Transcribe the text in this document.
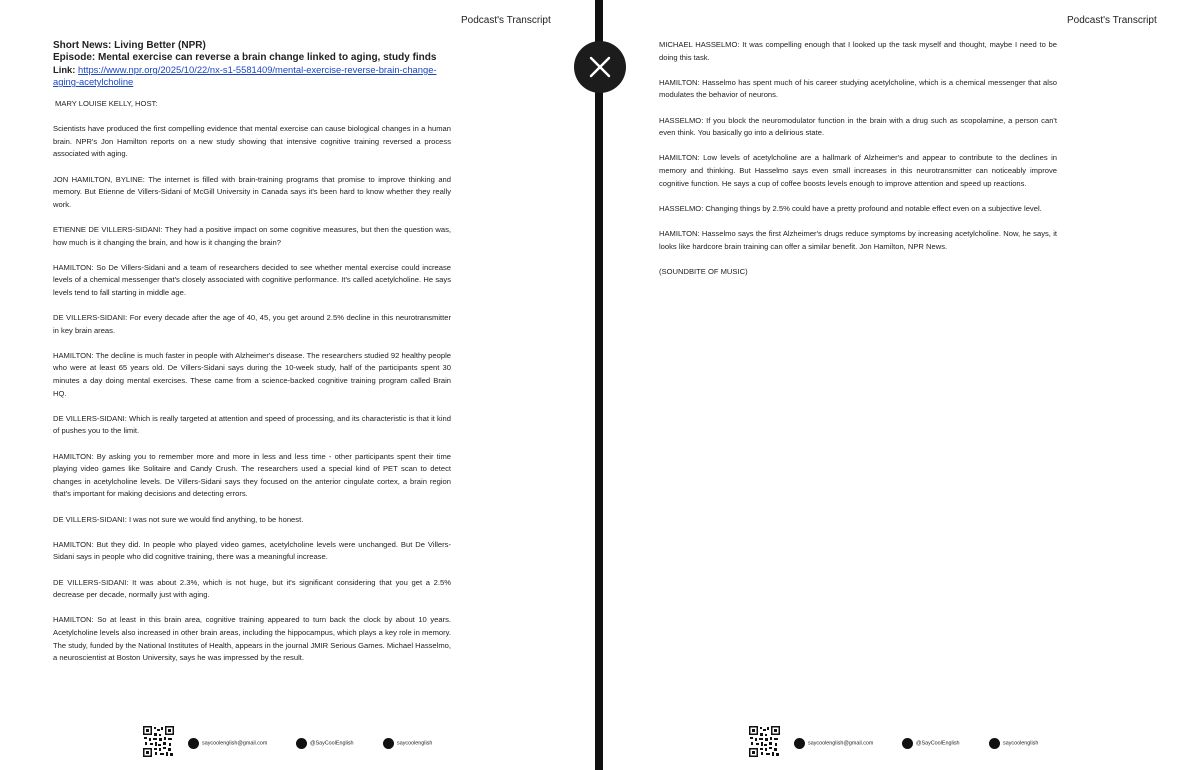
Podcast's Transcript
Short News: Living Better (NPR)
Episode: Mental exercise can reverse a brain change linked to aging, study finds
Link: https://www.npr.org/2025/10/22/nx-s1-5581409/mental-exercise-reverse-brain-change-aging-acetylcholine

MARY LOUISE KELLY, HOST:

Scientists have produced the first compelling evidence that mental exercise can cause biological changes in a human brain. NPR's Jon Hamilton reports on a new study showing that intensive cognitive training reversed a process associated with aging.

JON HAMILTON, BYLINE: The internet is filled with brain-training programs that promise to improve thinking and memory. But Etienne de Villers-Sidani of McGill University in Canada says it's been hard to know whether they really work.

ETIENNE DE VILLERS-SIDANI: They had a positive impact on some cognitive measures, but then the question was, how much is it changing the brain, and how is it changing the brain?

HAMILTON: So De Villers-Sidani and a team of researchers decided to see whether mental exercise could increase levels of a chemical messenger that's closely associated with cognitive performance. It's called acetylcholine. He says levels tend to fall starting in middle age.

DE VILLERS-SIDANI: For every decade after the age of 40, 45, you get around 2.5% decline in this neurotransmitter in key brain areas.

HAMILTON: The decline is much faster in people with Alzheimer's disease. The researchers studied 92 healthy people who were at least 65 years old. De Villers-Sidani says during the 10-week study, half of the participants spent 30 minutes a day doing mental exercises. These came from a science-backed cognitive training program called Brain HQ.

DE VILLERS-SIDANI: Which is really targeted at attention and speed of processing, and its characteristic is that it kind of pushes you to the limit.

HAMILTON: By asking you to remember more and more in less and less time - other participants spent their time playing video games like Solitaire and Candy Crush. The researchers used a special kind of PET scan to detect changes in acetylcholine levels. De Villers-Sidani says they focused on the anterior cingulate cortex, a brain region that's important for making decisions and detecting errors.

DE VILLERS-SIDANI: I was not sure we would find anything, to be honest.

HAMILTON: But they did. In people who played video games, acetylcholine levels were unchanged. But De Villers-Sidani says in people who did cognitive training, there was a meaningful increase.

DE VILLERS-SIDANI: It was about 2.3%, which is not huge, but it's significant considering that you get a 2.5% decrease per decade, normally just with aging.

HAMILTON: So at least in this brain area, cognitive training appeared to turn back the clock by about 10 years. Acetylcholine levels also increased in other brain areas, including the hippocampus, which plays a key role in memory. The study, funded by the National Institutes of Health, appears in the journal JMIR Serious Games. Michael Hasselmo, a neuroscientist at Boston University, says he was impressed by the result.

saycoolenglish@gmail.com	@SayCoolEnglish	saycoolenglish
Podcast's Transcript

MICHAEL HASSELMO: It was compelling enough that I looked up the task myself and thought, maybe I need to be doing this task.

HAMILTON: Hasselmo has spent much of his career studying acetylcholine, which is a chemical messenger that also modulates the behavior of neurons.

HASSELMO: If you block the neuromodulator function in the brain with a drug such as scopolamine, a person can't even think. You basically go into a delirious state.

HAMILTON: Low levels of acetylcholine are a hallmark of Alzheimer's and appear to contribute to the declines in memory and thinking. But Hasselmo says even small increases in this neurotransmitter can noticeably improve cognitive function. He says a cup of coffee boosts levels enough to improve attention and speed up reactions.

HASSELMO: Changing things by 2.5% could have a pretty profound and notable effect even on a subjective level.

HAMILTON: Hasselmo says the first Alzheimer's drugs reduce symptoms by increasing acetylcholine. Now, he says, it looks like hardcore brain training can offer a similar benefit. Jon Hamilton, NPR News.

(SOUNDBITE OF MUSIC)

saycoolenglish@gmail.com	@SayCoolEnglish	saycoolenglish
